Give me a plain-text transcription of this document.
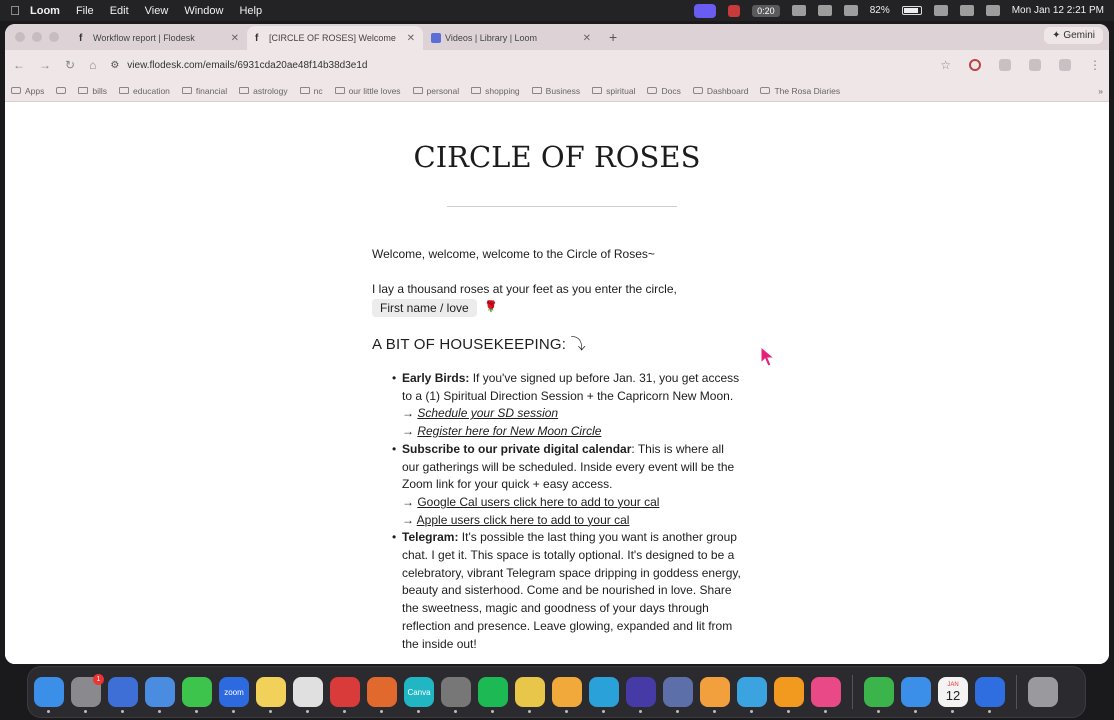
Loom File Edit View Window Help	0:20	82%	Mon Jan 12 2:21 PM
f	Workflow report | Flodesk	✕ f	[CIRCLE OF ROSES] Welcome	✕	Videos | Library | Loom	✕ +	✦ Gemini
← → ↻ ⌂ ⚙ view.flodesk.com/emails/6931cda20ae48f14b38d3e1d	☆	⋮
Apps	bills	education	financial	astrology	nc	our little loves	personal	shopping	Business	spiritual	Docs	Dashboard	The Rosa Diaries	»
CIRCLE OF ROSES
Welcome, welcome, welcome to the Circle of Roses~
I lay a thousand roses at your feet as you enter the circle,
First name / love	🌹
A BIT OF HOUSEKEEPING: ⤵
• Early Birds: If you've signed up before Jan. 31, you get access to a (1) Spiritual Direction Session + the Capricorn New Moon.
→ Schedule your SD session
→ Register here for New Moon Circle
• Subscribe to our private digital calendar: This is where all our gatherings will be scheduled. Inside every event will be the Zoom link for your quick + easy access.
→ Google Cal users click here to add to your cal
→ Apple users click here to add to your cal
• Telegram: It's possible the last thing you want is another group chat. I get it. This space is totally optional. It's designed to be a celebratory, vibrant Telegram space dripping in goddess energy, beauty and sisterhood. Come and be nourished in love. Share the sweetness, magic and goodness of your days through reflection and presence. Leave glowing, expanded and lit from the inside out!
1
zoom	Canva
JAN
12
